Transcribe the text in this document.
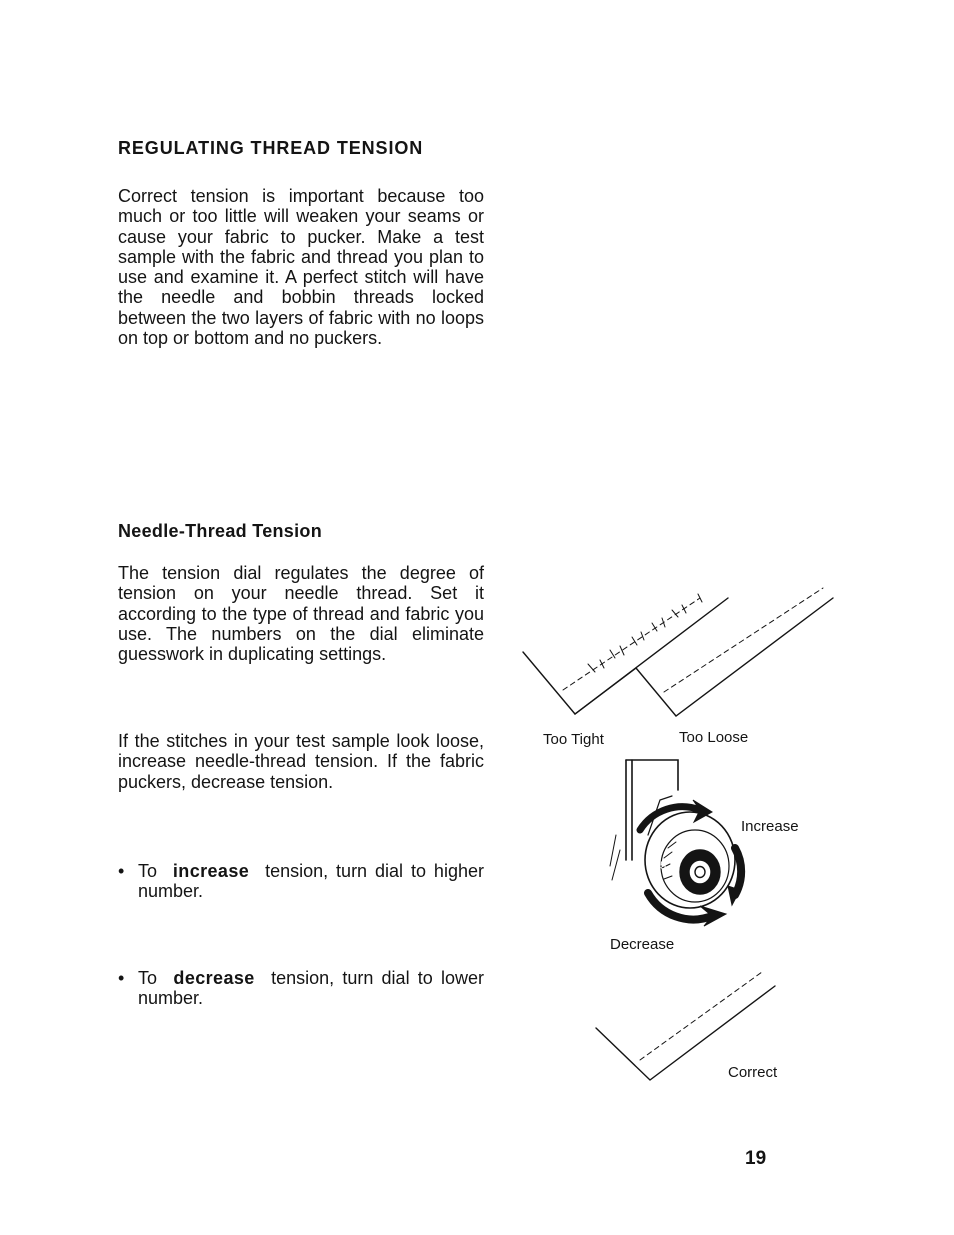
REGULATING THREAD TENSION
Correct tension is important because too much or too little will weaken your seams or cause your fabric to pucker. Make a test sample with the fabric and thread you plan to use and examine it. A perfect stitch will have the needle and bobbin threads locked between the two layers of fabric with no loops on top or bottom and no puckers.
Needle-Thread Tension
The tension dial regulates the degree of tension on your needle thread. Set it according to the type of thread and fabric you use. The numbers on the dial eliminate guesswork in duplicating settings.
If the stitches in your test sample look loose, increase needle-thread tension. If the fabric puckers, decrease tension.
• To increase tension, turn dial to higher number.
• To decrease tension, turn dial to lower number.
5
Too Tight	Too Loose
Increase
Decrease
Correct
19
